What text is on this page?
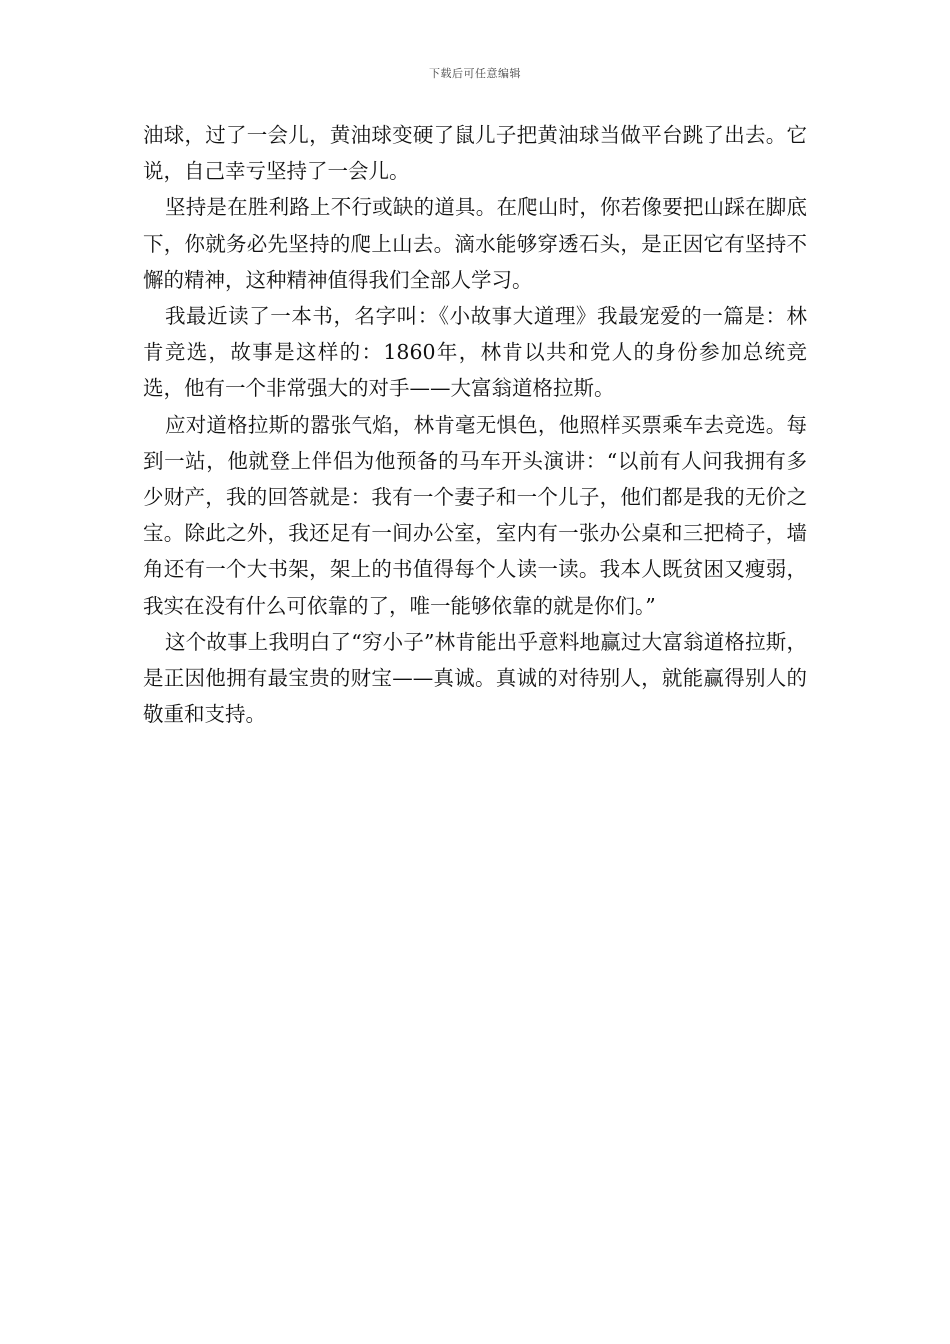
下载后可任意编辑

油球，过了一会儿，黄油球变硬了鼠儿子把黄油球当做平台跳了出去。它说，自己幸亏坚持了一会儿。

坚持是在胜利路上不行或缺的道具。在爬山时，你若像要把山踩在脚底下，你就务必先坚持的爬上山去。滴水能够穿透石头，是正因它有坚持不懈的精神，这种精神值得我们全部人学习。

我最近读了一本书，名字叫：《小故事大道理》我最宠爱的一篇是：林肯竞选，故事是这样的：1860年，林肯以共和党人的身份参加总统竞选，他有一个非常强大的对手——大富翁道格拉斯。

应对道格拉斯的嚣张气焰，林肯毫无惧色，他照样买票乘车去竞选。每到一站，他就登上伴侣为他预备的马车开头演讲：“以前有人问我拥有多少财产，我的回答就是：我有一个妻子和一个儿子，他们都是我的无价之宝。除此之外，我还足有一间办公室，室内有一张办公桌和三把椅子，墙角还有一个大书架，架上的书值得每个人读一读。我本人既贫困又瘦弱，我实在没有什么可依靠的了，唯一能够依靠的就是你们。”

这个故事上我明白了“穷小子”林肯能出乎意料地赢过大富翁道格拉斯，是正因他拥有最宝贵的财宝——真诚。真诚的对待别人，就能赢得别人的敬重和支持。
